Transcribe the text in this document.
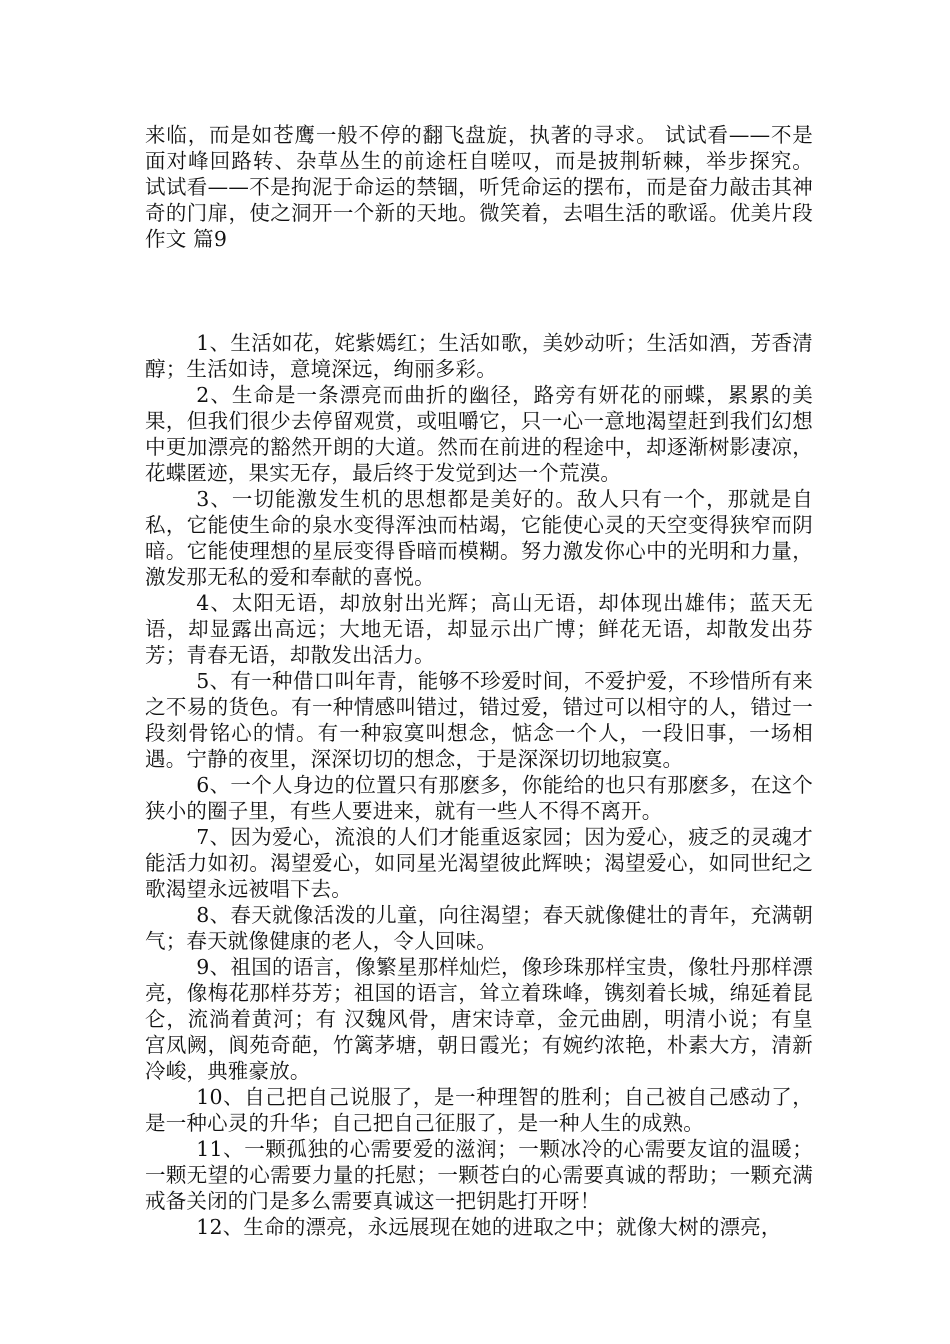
来临，而是如苍鹰一般不停的翻飞盘旋，执著的寻求。 试试看——不是面对峰回路转、杂草丛生的前途枉自嗟叹，而是披荆斩棘，举步探究。 试试看——不是拘泥于命运的禁锢，听凭命运的摆布，而是奋力敲击其神奇的门扉，使之洞开一个新的天地。微笑着，去唱生活的歌谣。优美片段作文 篇9

1、生活如花，姹紫嫣红；生活如歌，美妙动听；生活如酒，芳香清醇；生活如诗，意境深远，绚丽多彩。

2、生命是一条漂亮而曲折的幽径，路旁有妍花的丽蝶，累累的美果，但我们很少去停留观赏，或咀嚼它，只一心一意地渴望赶到我们幻想中更加漂亮的豁然开朗的大道。然而在前进的程途中，却逐渐树影凄凉，花蝶匿迹，果实无存，最后终于发觉到达一个荒漠。

3、一切能激发生机的思想都是美好的。敌人只有一个，那就是自私，它能使生命的泉水变得浑浊而枯竭，它能使心灵的天空变得狭窄而阴暗。它能使理想的星辰变得昏暗而模糊。努力激发你心中的光明和力量，激发那无私的爱和奉献的喜悦。

4、太阳无语，却放射出光辉；高山无语，却体现出雄伟；蓝天无语，却显露出高远；大地无语，却显示出广博；鲜花无语，却散发出芬芳；青春无语，却散发出活力。

5、有一种借口叫年青，能够不珍爱时间，不爱护爱，不珍惜所有来之不易的货色。有一种情感叫错过，错过爱，错过可以相守的人，错过一段刻骨铭心的情。有一种寂寞叫想念，惦念一个人，一段旧事，一场相遇。宁静的夜里，深深切切的想念，于是深深切切地寂寞。

6、一个人身边的位置只有那麽多，你能给的也只有那麽多，在这个狭小的圈子里，有些人要进来，就有一些人不得不离开。

7、因为爱心，流浪的人们才能重返家园；因为爱心，疲乏的灵魂才能活力如初。渴望爱心，如同星光渴望彼此辉映；渴望爱心，如同世纪之歌渴望永远被唱下去。

8、春天就像活泼的儿童，向往渴望；春天就像健壮的青年，充满朝气；春天就像健康的老人，令人回味。

9、祖国的语言，像繁星那样灿烂，像珍珠那样宝贵，像牡丹那样漂亮，像梅花那样芬芳；祖国的语言，耸立着珠峰，镌刻着长城，绵延着昆仑，流淌着黄河；有 汉魏风骨，唐宋诗章，金元曲剧，明清小说；有皇宫凤阙，阆苑奇葩，竹篱茅塘，朝日霞光；有婉约浓艳，朴素大方，清新冷峻，典雅豪放。

10、自己把自己说服了，是一种理智的胜利；自己被自己感动了，是一种心灵的升华；自己把自己征服了，是一种人生的成熟。

11、一颗孤独的心需要爱的滋润；一颗冰冷的心需要友谊的温暖；一颗无望的心需要力量的托慰；一颗苍白的心需要真诚的帮助；一颗充满戒备关闭的门是多么需要真诚这一把钥匙打开呀！

12、生命的漂亮，永远展现在她的进取之中；就像大树的漂亮，
